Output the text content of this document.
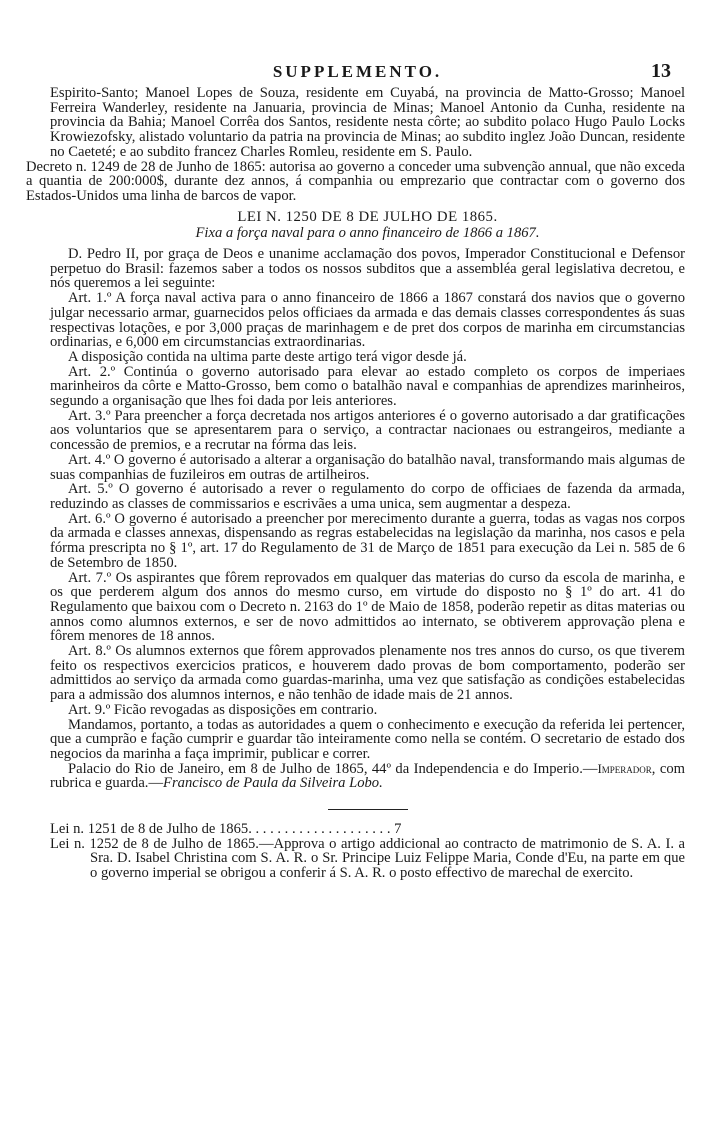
SUPPLEMENTO.	13

Espirito-Santo; Manoel Lopes de Souza, residente em Cuyabá, na provincia de Matto-Grosso; Manoel Ferreira Wanderley, residente na Januaria, provincia de Minas; Manoel Antonio da Cunha, residente na provincia da Bahia; Manoel Corrêa dos Santos, residente nesta côrte; ao subdito polaco Hugo Paulo Locks Krowiezofsky, alistado voluntario da patria na provincia de Minas; ao subdito inglez João Duncan, residente no Caeteté; e ao subdito francez Charles Romleu, residente em S. Paulo.

Decreto n. 1249 de 28 de Junho de 1865: autorisa ao governo a conceder uma subvenção annual, que não exceda a quantia de 200:000$, durante dez annos, á companhia ou emprezario que contractar com o governo dos Estados-Unidos uma linha de barcos de vapor.

LEI N. 1250 DE 8 DE JULHO DE 1865.

Fixa a força naval para o anno financeiro de 1866 a 1867.

D. Pedro II, por graça de Deos e unanime acclamação dos povos, Imperador Constitucional e Defensor perpetuo do Brasil: fazemos saber a todos os nossos subditos que a assembléa geral legislativa decretou, e nós queremos a lei seguinte:

Art. 1.º A força naval activa para o anno financeiro de 1866 a 1867 constará dos navios que o governo julgar necessario armar, guarnecidos pelos officiaes da armada e das demais classes correspondentes ás suas respectivas lotações, e por 3,000 praças de marinhagem e de pret dos corpos de marinha em circumstancias ordinarias, e 6,000 em circumstancias extraordinarias.

A disposição contida na ultima parte deste artigo terá vigor desde já.

Art. 2.º Continúa o governo autorisado para elevar ao estado completo os corpos de imperiaes marinheiros da côrte e Matto-Grosso, bem como o batalhão naval e companhias de aprendizes marinheiros, segundo a organisação que lhes foi dada por leis anteriores.

Art. 3.º Para preencher a força decretada nos artigos anteriores é o governo autorisado a dar gratificações aos voluntarios que se apresentarem para o serviço, a contractar nacionaes ou estrangeiros, mediante a concessão de premios, e a recrutar na fórma das leis.

Art. 4.º O governo é autorisado a alterar a organisação do batalhão naval, transformando mais algumas de suas companhias de fuzileiros em outras de artilheiros.

Art. 5.º O governo é autorisado a rever o regulamento do corpo de officiaes de fazenda da armada, reduzindo as classes de commissarios e escrivães a uma unica, sem augmentar a despeza.

Art. 6.º O governo é autorisado a preencher por merecimento durante a guerra, todas as vagas nos corpos da armada e classes annexas, dispensando as regras estabelecidas na legislação da marinha, nos casos e pela fórma prescripta no § 1º, art. 17 do Regulamento de 31 de Março de 1851 para execução da Lei n. 585 de 6 de Setembro de 1850.

Art. 7.º Os aspirantes que fôrem reprovados em qualquer das materias do curso da escola de marinha, e os que perderem algum dos annos do mesmo curso, em virtude do disposto no § 1º do art. 41 do Regulamento que baixou com o Decreto n. 2163 do 1º de Maio de 1858, poderão repetir as ditas materias ou annos como alumnos externos, e ser de novo admittidos ao internato, se obtiverem approvação plena e fôrem menores de 18 annos.

Art. 8.º Os alumnos externos que fôrem approvados plenamente nos tres annos do curso, os que tiverem feito os respectivos exercicios praticos, e houverem dado provas de bom comportamento, poderão ser admittidos ao serviço da armada como guardas-marinha, uma vez que satisfação as condições estabelecidas para a admissão dos alumnos internos, e não tenhão de idade mais de 21 annos.

Art. 9.º Ficão revogadas as disposições em contrario.

Mandamos, portanto, a todas as autoridades a quem o conhecimento e execução da referida lei pertencer, que a cumprão e fação cumprir e guardar tão inteiramente como nella se contém. O secretario de estado dos negocios da marinha a faça imprimir, publicar e correr.

Palacio do Rio de Janeiro, em 8 de Julho de 1865, 44º da Independencia e do Imperio.—Imperador, com rubrica e guarda.—Francisco de Paula da Silveira Lobo.

Lei n. 1251 de 8 de Julho de 1865. . . . . . . . . . . . . . . . . . . . 7

Lei n. 1252 de 8 de Julho de 1865.—Approva o artigo addicional ao contracto de matrimonio de S. A. I. a Sra. D. Isabel Christina com S. A. R. o Sr. Principe Luiz Felippe Maria, Conde d'Eu, na parte em que o governo imperial se obrigou a conferir á S. A. R. o posto effectivo de marechal de exercito.
